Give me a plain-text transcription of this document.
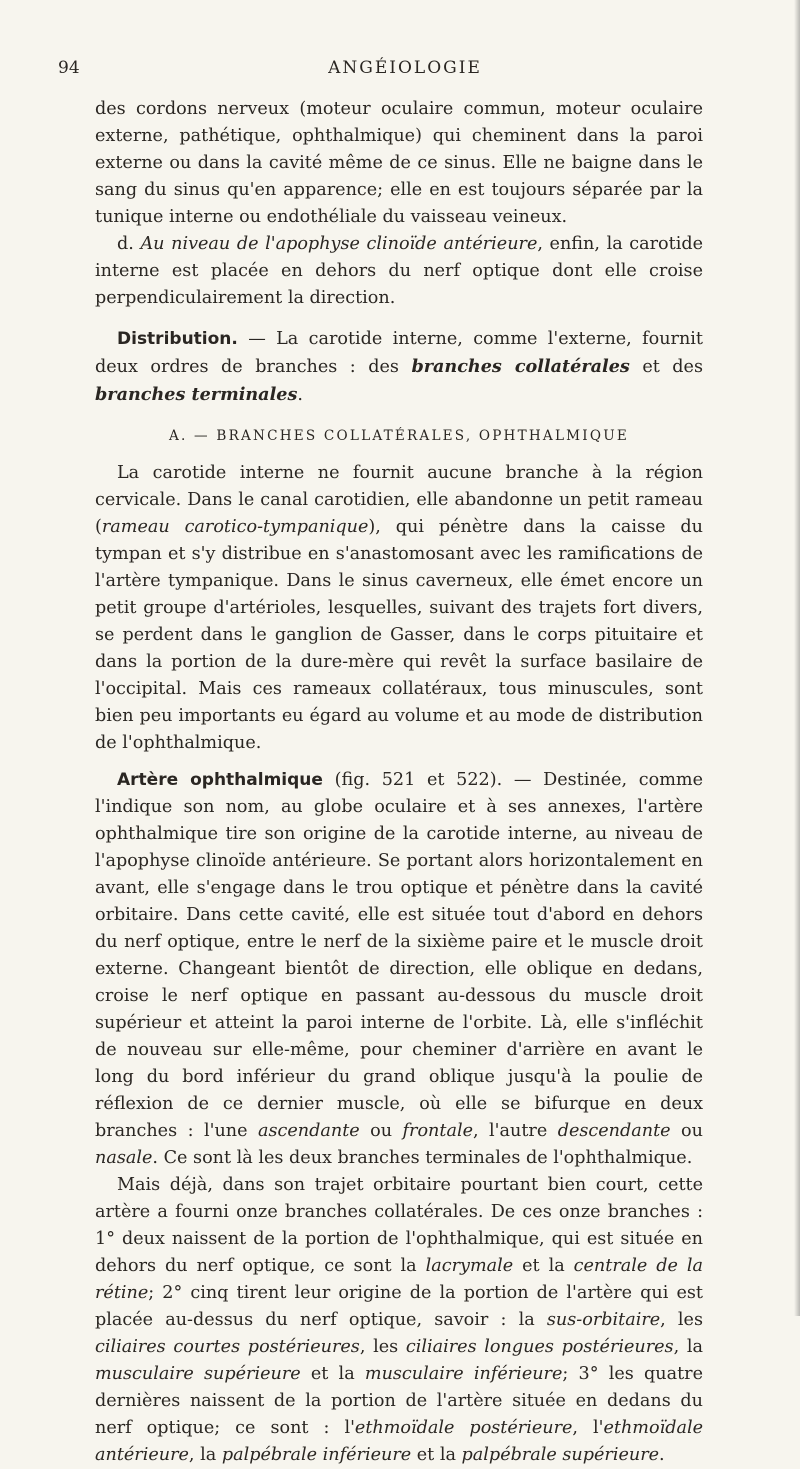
94	ANGÉIOLOGIE

des cordons nerveux (moteur oculaire commun, moteur oculaire externe, pathétique, ophthalmique) qui cheminent dans la paroi externe ou dans la cavité même de ce sinus. Elle ne baigne dans le sang du sinus qu'en apparence; elle en est toujours séparée par la tunique interne ou endothéliale du vaisseau veineux.

d. Au niveau de l'apophyse clinoïde antérieure, enfin, la carotide interne est placée en dehors du nerf optique dont elle croise perpendiculairement la direction.

Distribution. — La carotide interne, comme l'externe, fournit deux ordres de branches : des branches collatérales et des branches terminales.

A. — BRANCHES COLLATÉRALES, OPHTHALMIQUE

La carotide interne ne fournit aucune branche à la région cervicale. Dans le canal carotidien, elle abandonne un petit rameau (rameau carotico-tympanique), qui pénètre dans la caisse du tympan et s'y distribue en s'anastomosant avec les ramifications de l'artère tympanique. Dans le sinus caverneux, elle émet encore un petit groupe d'artérioles, lesquelles, suivant des trajets fort divers, se perdent dans le ganglion de Gasser, dans le corps pituitaire et dans la portion de la dure-mère qui revêt la surface basilaire de l'occipital. Mais ces rameaux collatéraux, tous minuscules, sont bien peu importants eu égard au volume et au mode de distribution de l'ophthalmique.

Artère ophthalmique (fig. 521 et 522). — Destinée, comme l'indique son nom, au globe oculaire et à ses annexes, l'artère ophthalmique tire son origine de la carotide interne, au niveau de l'apophyse clinoïde antérieure. Se portant alors horizontalement en avant, elle s'engage dans le trou optique et pénètre dans la cavité orbitaire. Dans cette cavité, elle est située tout d'abord en dehors du nerf optique, entre le nerf de la sixième paire et le muscle droit externe. Changeant bientôt de direction, elle oblique en dedans, croise le nerf optique en passant au-dessous du muscle droit supérieur et atteint la paroi interne de l'orbite. Là, elle s'infléchit de nouveau sur elle-même, pour cheminer d'arrière en avant le long du bord inférieur du grand oblique jusqu'à la poulie de réflexion de ce dernier muscle, où elle se bifurque en deux branches : l'une ascendante ou frontale, l'autre descendante ou nasale. Ce sont là les deux branches terminales de l'ophthalmique.

Mais déjà, dans son trajet orbitaire pourtant bien court, cette artère a fourni onze branches collatérales. De ces onze branches : 1° deux naissent de la portion de l'ophthalmique, qui est située en dehors du nerf optique, ce sont la lacrymale et la centrale de la rétine; 2° cinq tirent leur origine de la portion de l'artère qui est placée au-dessus du nerf optique, savoir : la sus-orbitaire, les ciliaires courtes postérieures, les ciliaires longues postérieures, la musculaire supérieure et la musculaire inférieure; 3° les quatre dernières naissent de la portion de l'artère située en dedans du nerf optique; ce sont : l'ethmoïdale postérieure, l'ethmoïdale antérieure, la palpébrale inférieure et la palpébrale supérieure.
